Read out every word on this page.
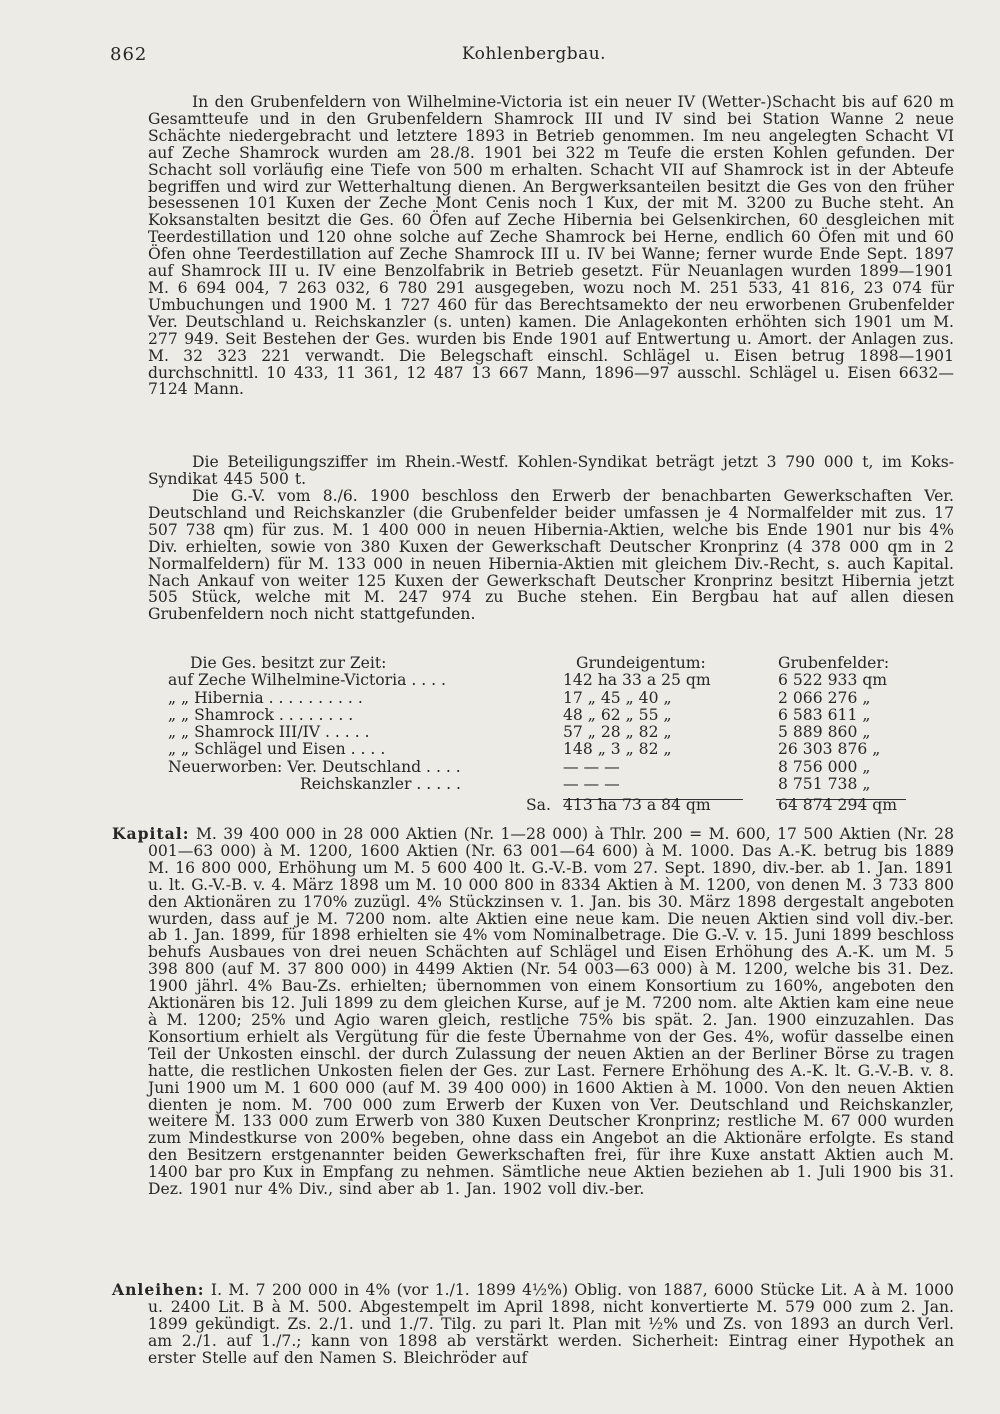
862	Kohlenbergbau.

In den Grubenfeldern von Wilhelmine-Victoria ist ein neuer IV (Wetter-)Schacht bis auf 620 m Gesamtteufe und in den Grubenfeldern Shamrock III und IV sind bei Station Wanne 2 neue Schächte niedergebracht und letztere 1893 in Betrieb genommen. Im neu angelegten Schacht VI auf Zeche Shamrock wurden am 28./8. 1901 bei 322 m Teufe die ersten Kohlen gefunden. Der Schacht soll vorläufig eine Tiefe von 500 m erhalten. Schacht VII auf Shamrock ist in der Abteufe begriffen und wird zur Wetterhaltung dienen. An Bergwerksanteilen besitzt die Ges von den früher besessenen 101 Kuxen der Zeche Mont Cenis noch 1 Kux, der mit M. 3200 zu Buche steht. An Koksanstalten besitzt die Ges. 60 Öfen auf Zeche Hibernia bei Gelsenkirchen, 60 desgleichen mit Teerdestillation und 120 ohne solche auf Zeche Shamrock bei Herne, endlich 60 Öfen mit und 60 Öfen ohne Teerdestillation auf Zeche Shamrock III u. IV bei Wanne; ferner wurde Ende Sept. 1897 auf Shamrock III u. IV eine Benzolfabrik in Betrieb gesetzt. Für Neuanlagen wurden 1899—1901 M. 6 694 004, 7 263 032, 6 780 291 ausgegeben, wozu noch M. 251 533, 41 816, 23 074 für Umbuchungen und 1900 M. 1 727 460 für das Berechtsamekto der neu erworbenen Grubenfelder Ver. Deutschland u. Reichskanzler (s. unten) kamen. Die Anlagekonten erhöhten sich 1901 um M. 277 949. Seit Bestehen der Ges. wurden bis Ende 1901 auf Entwertung u. Amort. der Anlagen zus. M. 32 323 221 verwandt. Die Belegschaft einschl. Schlägel u. Eisen betrug 1898—1901 durchschnittl. 10 433, 11 361, 12 487 13 667 Mann, 1896—97 ausschl. Schlägel u. Eisen 6632—7124 Mann.

Die Beteiligungsziffer im Rhein.-Westf. Kohlen-Syndikat beträgt jetzt 3 790 000 t, im Koks-Syndikat 445 500 t.

Die G.-V. vom 8./6. 1900 beschloss den Erwerb der benachbarten Gewerkschaften Ver. Deutschland und Reichskanzler (die Grubenfelder beider umfassen je 4 Normalfelder mit zus. 17 507 738 qm) für zus. M. 1 400 000 in neuen Hibernia-Aktien, welche bis Ende 1901 nur bis 4% Div. erhielten, sowie von 380 Kuxen der Gewerkschaft Deutscher Kronprinz (4 378 000 qm in 2 Normalfeldern) für M. 133 000 in neuen Hibernia-Aktien mit gleichem Div.-Recht, s. auch Kapital. Nach Ankauf von weiter 125 Kuxen der Gewerkschaft Deutscher Kronprinz besitzt Hibernia jetzt 505 Stück, welche mit M. 247 974 zu Buche stehen. Ein Bergbau hat auf allen diesen Grubenfeldern noch nicht stattgefunden.

Die Ges. besitzt zur Zeit:	Grundeigentum:	Grubenfelder:
auf Zeche Wilhelmine-Victoria . . . .	142 ha 33 a 25 qm	6 522 933 qm
„ „ Hibernia . . . . . . . . . .	17 „ 45 „ 40 „	2 066 276 „
„ „ Shamrock . . . . . . . .	48 „ 62 „ 55 „	6 583 611 „
„ „ Shamrock III/IV . . . . .	57 „ 28 „ 82 „	5 889 860 „
„ „ Schlägel und Eisen . . . .	148 „ 3 „ 82 „	26 303 876 „
Neuerworben: Ver. Deutschland . . . .	— — —	8 756 000 „
Reichskanzler . . . . .	— — —	8 751 738 „
Sa. 413 ha 73 a 84 qm	64 874 294 qm

Kapital: M. 39 400 000 in 28 000 Aktien (Nr. 1—28 000) à Thlr. 200 = M. 600, 17 500 Aktien (Nr. 28 001—63 000) à M. 1200, 1600 Aktien (Nr. 63 001—64 600) à M. 1000. Das A.-K. betrug bis 1889 M. 16 800 000, Erhöhung um M. 5 600 400 lt. G.-V.-B. vom 27. Sept. 1890, div.-ber. ab 1. Jan. 1891 u. lt. G.-V.-B. v. 4. März 1898 um M. 10 000 800 in 8334 Aktien à M. 1200, von denen M. 3 733 800 den Aktionären zu 170% zuzügl. 4% Stückzinsen v. 1. Jan. bis 30. März 1898 dergestalt angeboten wurden, dass auf je M. 7200 nom. alte Aktien eine neue kam. Die neuen Aktien sind voll div.-ber. ab 1. Jan. 1899, für 1898 erhielten sie 4% vom Nominalbetrage. Die G.-V. v. 15. Juni 1899 beschloss behufs Ausbaues von drei neuen Schächten auf Schlägel und Eisen Erhöhung des A.-K. um M. 5 398 800 (auf M. 37 800 000) in 4499 Aktien (Nr. 54 003—63 000) à M. 1200, welche bis 31. Dez. 1900 jährl. 4% Bau-Zs. erhielten; übernommen von einem Konsortium zu 160%, angeboten den Aktionären bis 12. Juli 1899 zu dem gleichen Kurse, auf je M. 7200 nom. alte Aktien kam eine neue à M. 1200; 25% und Agio waren gleich, restliche 75% bis spät. 2. Jan. 1900 einzuzahlen. Das Konsortium erhielt als Vergütung für die feste Übernahme von der Ges. 4%, wofür dasselbe einen Teil der Unkosten einschl. der durch Zulassung der neuen Aktien an der Berliner Börse zu tragen hatte, die restlichen Unkosten fielen der Ges. zur Last. Fernere Erhöhung des A.-K. lt. G.-V.-B. v. 8. Juni 1900 um M. 1 600 000 (auf M. 39 400 000) in 1600 Aktien à M. 1000. Von den neuen Aktien dienten je nom. M. 700 000 zum Erwerb der Kuxen von Ver. Deutschland und Reichskanzler, weitere M. 133 000 zum Erwerb von 380 Kuxen Deutscher Kronprinz; restliche M. 67 000 wurden zum Mindestkurse von 200% begeben, ohne dass ein Angebot an die Aktionäre erfolgte. Es stand den Besitzern erstgenannter beiden Gewerkschaften frei, für ihre Kuxe anstatt Aktien auch M. 1400 bar pro Kux in Empfang zu nehmen. Sämtliche neue Aktien beziehen ab 1. Juli 1900 bis 31. Dez. 1901 nur 4% Div., sind aber ab 1. Jan. 1902 voll div.-ber.

Anleihen: I. M. 7 200 000 in 4% (vor 1./1. 1899 4½%) Oblig. von 1887, 6000 Stücke Lit. A à M. 1000 u. 2400 Lit. B à M. 500. Abgestempelt im April 1898, nicht konvertierte M. 579 000 zum 2. Jan. 1899 gekündigt. Zs. 2./1. und 1./7. Tilg. zu pari lt. Plan mit ½% und Zs. von 1893 an durch Verl. am 2./1. auf 1./7.; kann von 1898 ab verstärkt werden. Sicherheit: Eintrag einer Hypothek an erster Stelle auf den Namen S. Bleichröder auf
